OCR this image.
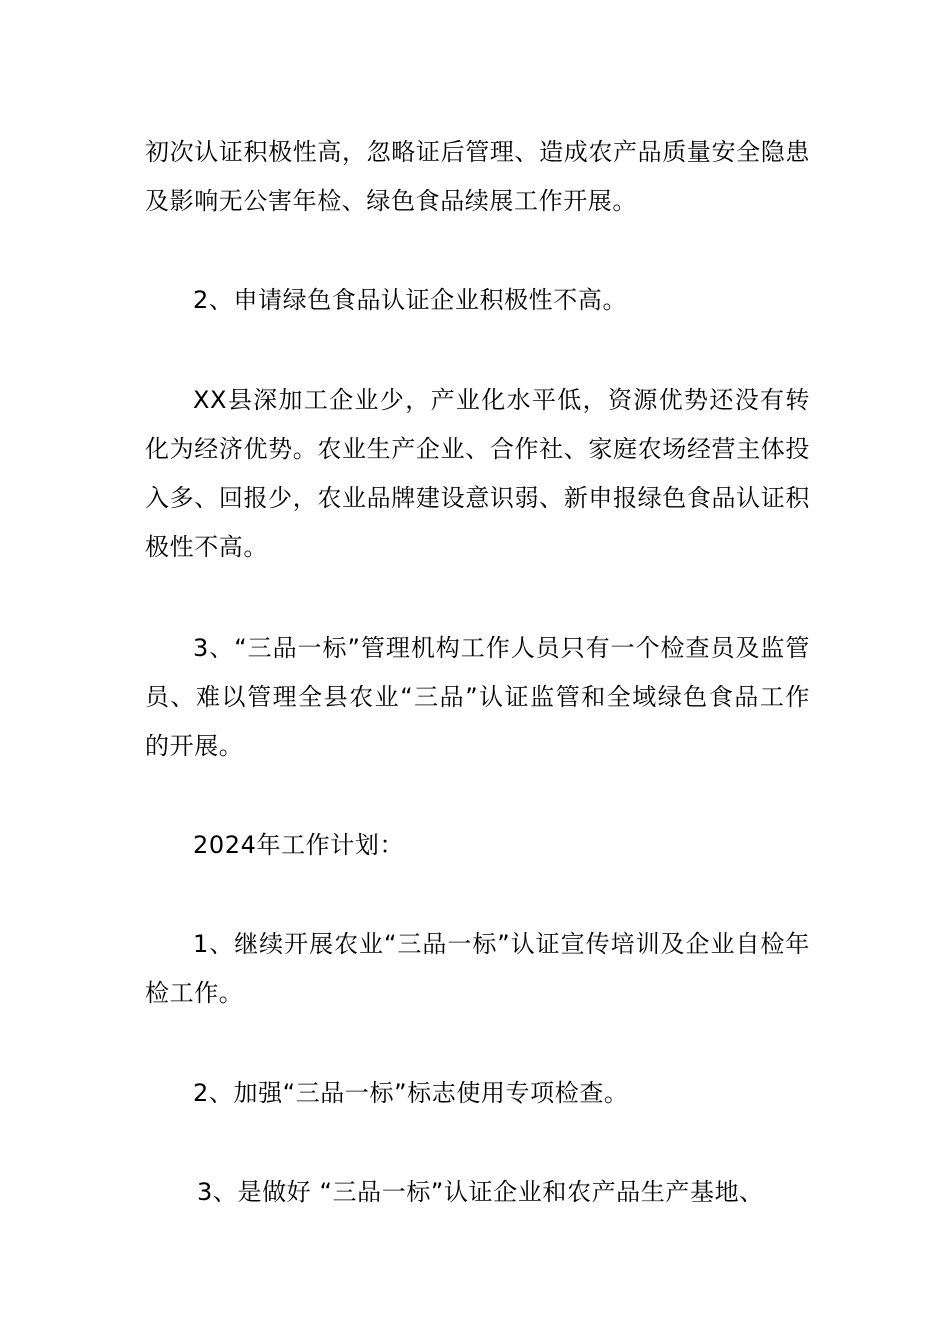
初次认证积极性高，忽略证后管理、造成农产品质量安全隐患及影响无公害年检、绿色食品续展工作开展。

2、申请绿色食品认证企业积极性不高。

XX县深加工企业少，产业化水平低，资源优势还没有转化为经济优势。农业生产企业、合作社、家庭农场经营主体投入多、回报少，农业品牌建设意识弱、新申报绿色食品认证积极性不高。

3、“三品一标”管理机构工作人员只有一个检查员及监管员、难以管理全县农业“三品”认证监管和全域绿色食品工作的开展。

2024年工作计划：

1、继续开展农业“三品一标”认证宣传培训及企业自检年检工作。

2、加强“三品一标”标志使用专项检查。

3、是做好 “三品一标”认证企业和农产品生产基地、
